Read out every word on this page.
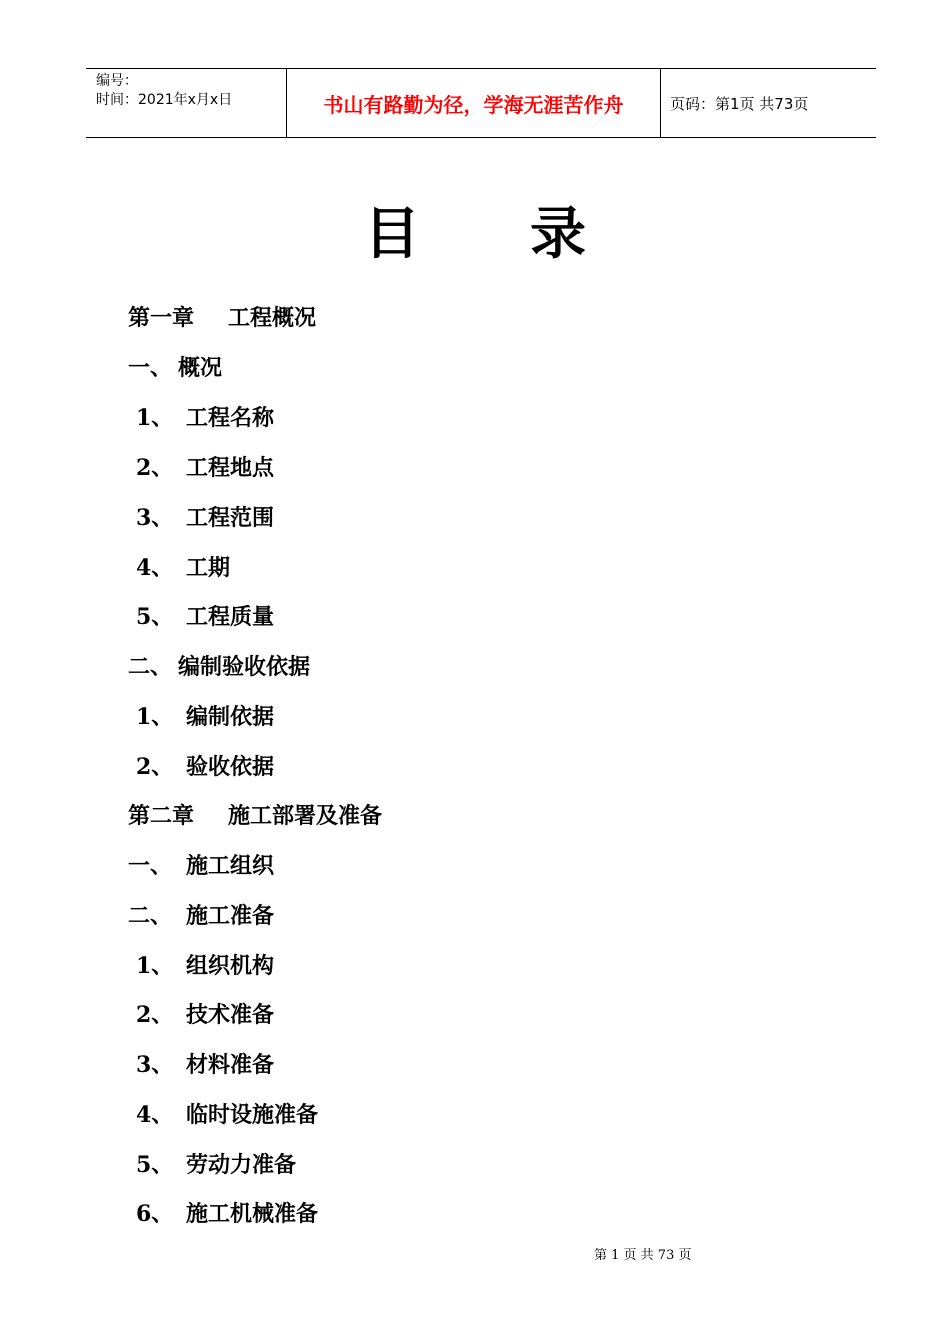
编号：
时间：2021年x月x日	书山有路勤为径，学海无涯苦作舟	页码：第1页 共73页
目 录
第一章 工程概况
一、 概况
1、 工程名称
2、 工程地点
3、 工程范围
4、 工期
5、 工程质量
二、 编制验收依据
1、 编制依据
2、 验收依据
第二章 施工部署及准备
一、 施工组织
二、 施工准备
1、 组织机构
2、 技术准备
3、 材料准备
4、 临时设施准备
5、 劳动力准备
6、 施工机械准备
第 1 页 共 73 页
